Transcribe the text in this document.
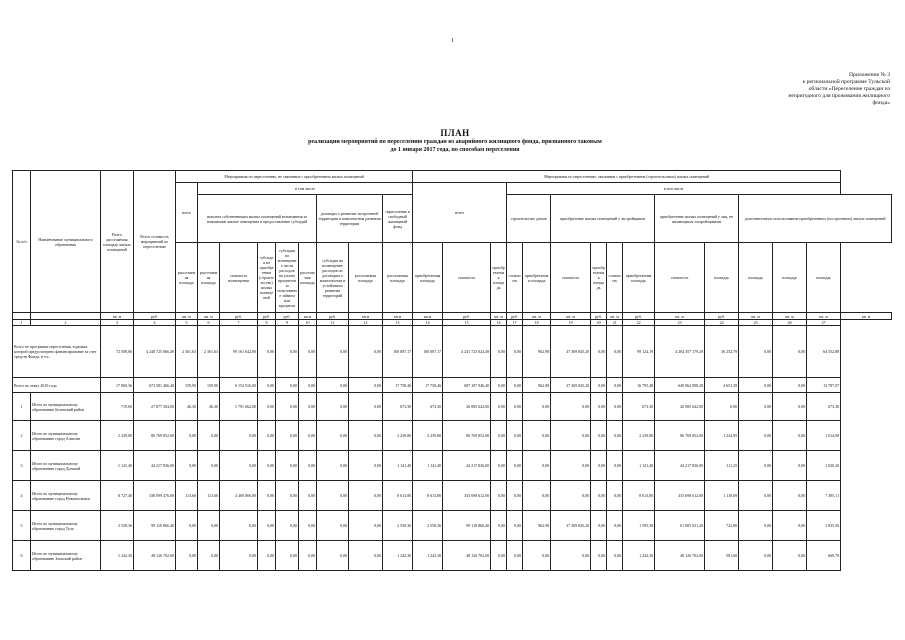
1
Приложение № 3
к региональной программе Тульской
области «Переселение граждан из
непригодного для проживания жилищного
фонда»
ПЛАН
реализации мероприятий по переселению граждан из аварийного жилищного фонда, признанного таковым
до 1 января 2017 года, по способам переселения
№ п/п	Наименование муниципального образования	Всего расселяемая площадь жилых помещений	Всего стоимость мероприятий по переселению	Мероприятия по переселению, не связанные с приобретением жилых помещений									Мероприятия по переселению, связанные с приобретением (строительством) жилых помещений														
				всего	в том числе								всего			в том числе											
					выплата собственникам жилых помещений возмещения за изымаемые жилые помещения и предоставление субсидий					договоры о развитии застроенной территории и комплексном развитии территории		переселение в свободный жилищный фонд				строительство домов		приобретение жилых помещений у застройщиков				приобретение жилых помещений у лиц, не являющихся застройщиками		дополнительное использование приобретенных (построенных) жилых помещений			
				расселяемая площадь	расселяемая площадь	стоимость возмещения	субсидия на приобретение (строительство) жилых помещений	субсидия на возмещение части расходов на уплату процентов за пользование займом или кредитом	расселяемая площадь	субсидия на возмещение расходов по договорам о комплексном и устойчивом развитии территорий	расселяемая площадь	расселяемая площадь	приобретаемая площадь	стоимость	приобретаемая площадь	стоимость	приобретаемая площадь	стоимость	приобретаемая площадь	стоимость	приобретаемая площадь	стоимость	площадь	площадь	площадь	площадь	
		кв. м	руб.	кв. м	кв. м	руб.	руб.	руб.	кв.м	руб.	кв.м	кв.м	кв.м	руб.	кв. м	руб.	кв. м	кв. м	руб.	кв. м	руб.	кв. м	руб.	кв. м	кв. м	кв. м	кв. м
1	2	3	4	5	6	7	8	9	10	11	12	13	14	15	16	17	18	19	20	21	22	23	24	25	26	27	
Всего по программе переселения, в рамках которой предусмотрено финансирование за счет средств Фонда, в т.ч.:		72 508,06	4 240 725 066,49	2 361,63	2 361,63	99 161 642,00	0,00	0,00	0,00	0,00	0,00	100 087,17	100 087,17	4 241 723 024,49	0,00	0,00	962,98	37 369 845,20	0,00	0,00	99 124,19	4 204 357 179,29	36 252,79	0,00	0,00	64 552,88	
Всего по этапу 2019 года		17 860,36	673 581 466,40	159,90	159,90	6 154 516,00	0,00	0,00	0,00	0,00	0,00	17 758,46	17 758,46	687 187 946,40	0,00	0,00	962,98	37 369 845,20	0,00	0,00	16 795,48	649 862 098,20	4 651,39	0,00	0,00	13 787,07	
1	Итого по муниципальному образованию Белевский район	719,60	27 877 304,00	46,30	46,30	1 791 662,00	0,00	0,00	0,00	0,00	0,00	673,30	673,30	26 085 642,00	0,00	0,00	0,00	0,00	0,00	0,00	673,30	26 085 642,00	0,00	0,00	0,00	673,30	
2	Итого по муниципальному образованию город Алексин	2 239,80	86 769 852,00	0,00	0,00	0,00	0,00	0,00	0,00	0,00	0,00	2 239,80	2 239,80	86 769 852,00	0,00	0,00	0,00	0,00	0,00	0,00	2 239,80	86 769 852,00	1 224,95	0,00	0,00	1 014,90	
3	Итого по муниципальному образованию город Донской	1 141,40	44 217 836,00	0,00	0,00	0,00	0,00	0,00	0,00	0,00	0,00	1 141,40	1 141,40	44 217 836,00	0,00	0,00	0,00	0,00	0,00	0,00	1 141,40	44 217 836,00	111,25	0,00	0,00	1 030,20	
4	Итого по муниципальному образованию город Новомосковск	8 727,40	338 099 476,00	113,60	113,60	4 400 866,00	0,00	0,00	0,00	0,00	0,00	8 613,80	8 613,80	333 698 612,00	0,00	0,00	0,00	0,00	0,00	0,00	8 613,80	333 698 612,00	1 118,69	0,00	0,00	7 495,11	
5	Итого по муниципальному образованию город Тула	2 558,36	99 110 866,40	0,00	0,00	0,00	0,00	0,00	0,00	0,00	0,00	2 558,36	2 558,36	99 110 866,40	0,00	0,00	962,98	37 369 845,20	0,00	0,00	1 595,38	61 805 021,20	722,80	0,00	0,00	1 835,56	
6	Итого по муниципальному образованию Заокский район	1 242,30	48 126 702,00	0,00	0,00	0,00	0,00	0,00	0,00	0,00	0,00	1 242,30	1 242,30	48 126 702,00	0,00	0,00	0,00	0,00	0,00	0,00	1 242,30	48 126 702,00	581,60	0,00	0,00	660,70	
